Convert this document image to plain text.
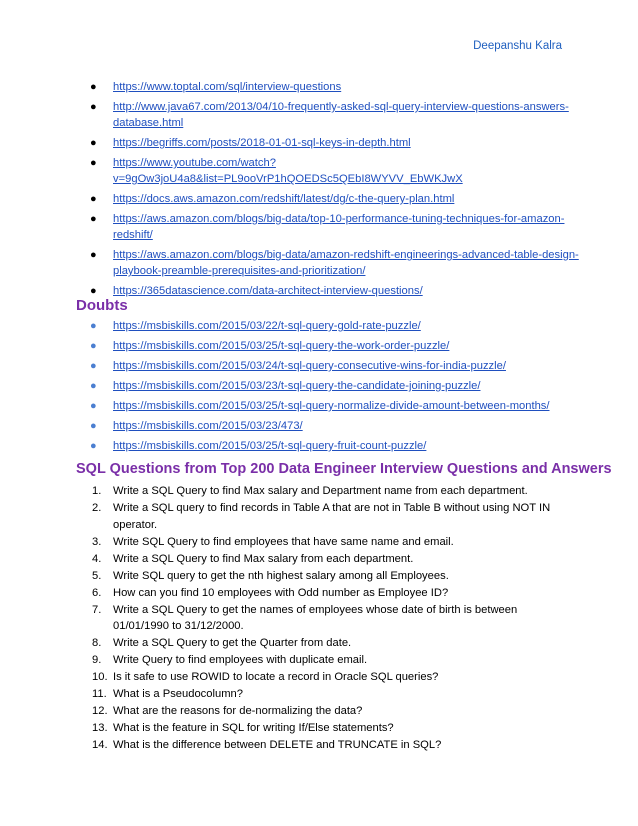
Deepanshu Kalra
● https://www.toptal.com/sql/interview-questions
● http://www.java67.com/2013/04/10-frequently-asked-sql-query-interview-questions-answers-database.html
● https://begriffs.com/posts/2018-01-01-sql-keys-in-depth.html
● https://www.youtube.com/watch?v=9gOw3joU4a8&list=PL9ooVrP1hQOEDSc5QEbI8WYVV_EbWKJwX
● https://docs.aws.amazon.com/redshift/latest/dg/c-the-query-plan.html
● https://aws.amazon.com/blogs/big-data/top-10-performance-tuning-techniques-for-amazon-redshift/
● https://aws.amazon.com/blogs/big-data/amazon-redshift-engineerings-advanced-table-design-playbook-preamble-prerequisites-and-prioritization/
● https://365datascience.com/data-architect-interview-questions/
Doubts
● https://msbiskills.com/2015/03/22/t-sql-query-gold-rate-puzzle/
● https://msbiskills.com/2015/03/25/t-sql-query-the-work-order-puzzle/
● https://msbiskills.com/2015/03/24/t-sql-query-consecutive-wins-for-india-puzzle/
● https://msbiskills.com/2015/03/23/t-sql-query-the-candidate-joining-puzzle/
● https://msbiskills.com/2015/03/25/t-sql-query-normalize-divide-amount-between-months/
● https://msbiskills.com/2015/03/23/473/
● https://msbiskills.com/2015/03/25/t-sql-query-fruit-count-puzzle/
SQL Questions from Top 200 Data Engineer Interview Questions and Answers
1. Write a SQL Query to find Max salary and Department name from each department.
2. Write a SQL query to find records in Table A that are not in Table B without using NOT IN operator.
3. Write SQL Query to find employees that have same name and email.
4. Write a SQL Query to find Max salary from each department.
5. Write SQL query to get the nth highest salary among all Employees.
6. How can you find 10 employees with Odd number as Employee ID?
7. Write a SQL Query to get the names of employees whose date of birth is between 01/01/1990 to 31/12/2000.
8. Write a SQL Query to get the Quarter from date.
9. Write Query to find employees with duplicate email.
10. Is it safe to use ROWID to locate a record in Oracle SQL queries?
11. What is a Pseudocolumn?
12. What are the reasons for de-normalizing the data?
13. What is the feature in SQL for writing If/Else statements?
14. What is the difference between DELETE and TRUNCATE in SQL?
